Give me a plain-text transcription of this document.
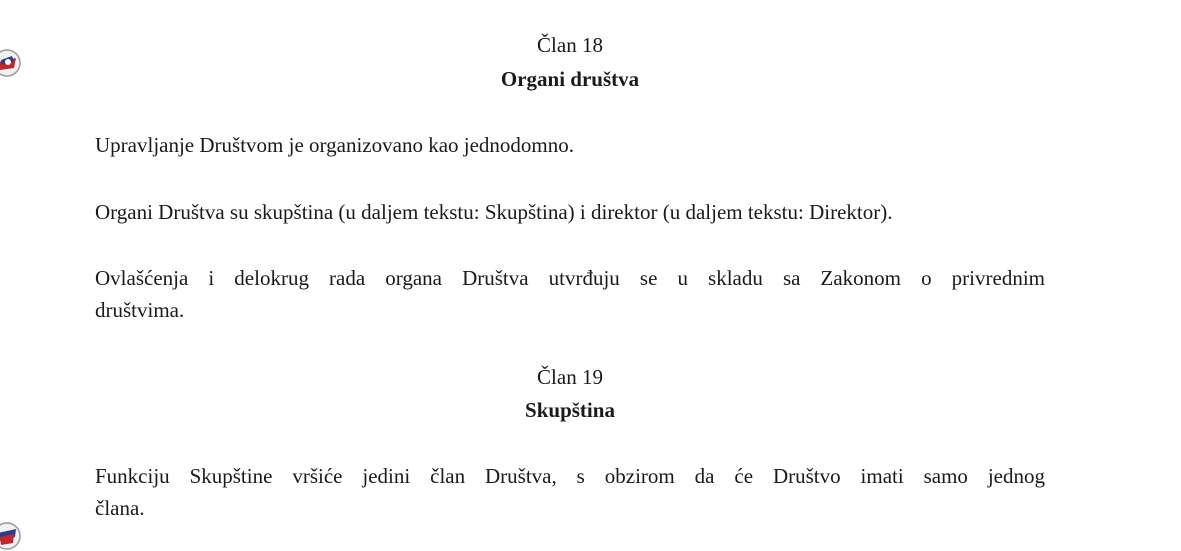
Član 18
Organi društva
Upravljanje Društvom je organizovano kao jednodomno.
Organi Društva su skupština (u daljem tekstu: Skupština) i direktor (u daljem tekstu: Direktor).
Ovlašćenja i delokrug rada organa Društva utvrđuju se u skladu sa Zakonom o privrednim
društvima.
Član 19
Skupština
Funkciju Skupštine vršiće jedini član Društva, s obzirom da će Društvo imati samo jednog
člana.
